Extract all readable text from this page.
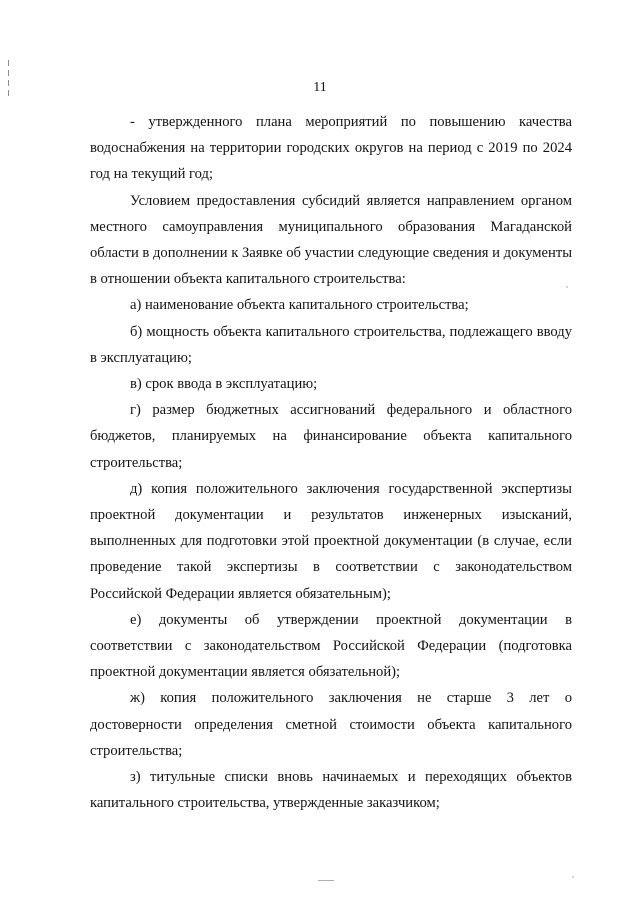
11

- утвержденного плана мероприятий по повышению качества водоснабжения на территории городских округов на период с 2019 по 2024 год на текущий год;

Условием предоставления субсидий является направлением органом местного самоуправления муниципального образования Магаданской области в дополнении к Заявке об участии следующие сведения и документы в отношении объекта капитального строительства:

а) наименование объекта капитального строительства;

б) мощность объекта капитального строительства, подлежащего вводу в эксплуатацию;

в) срок ввода в эксплуатацию;

г) размер бюджетных ассигнований федерального и областного бюджетов, планируемых на финансирование объекта капитального строительства;

д) копия положительного заключения государственной экспертизы проектной документации и результатов инженерных изысканий, выполненных для подготовки этой проектной документации (в случае, если проведение такой экспертизы в соответствии с законодательством Российской Федерации является обязательным);

е) документы об утверждении проектной документации в соответствии с законодательством Российской Федерации (подготовка проектной документации является обязательной);

ж) копия положительного заключения не старше 3 лет о достоверности определения сметной стоимости объекта капитального строительства;

з) титульные списки вновь начинаемых и переходящих объектов капитального строительства, утвержденные заказчиком;
